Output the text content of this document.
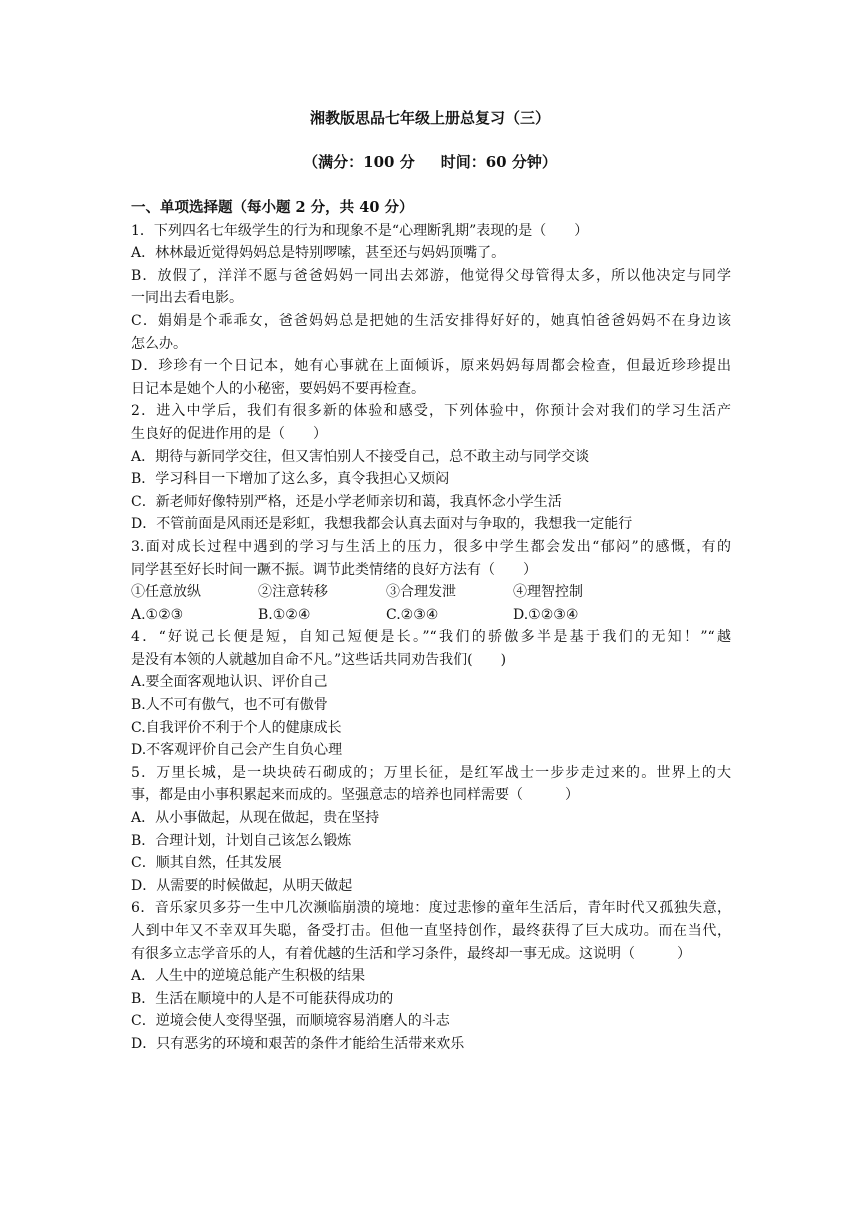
湘教版思品七年级上册总复习（三）
（满分：100 分 时间：60 分钟）
一、单项选择题（每小题 2 分，共 40 分）
1．下列四名七年级学生的行为和现象不是“心理断乳期”表现的是（　　）
A．林林最近觉得妈妈总是特别啰嗦，甚至还与妈妈顶嘴了。
B．放假了，洋洋不愿与爸爸妈妈一同出去郊游，他觉得父母管得太多，所以他决定与同学
一同出去看电影。
C．娟娟是个乖乖女，爸爸妈妈总是把她的生活安排得好好的，她真怕爸爸妈妈不在身边该
怎么办。
D．珍珍有一个日记本，她有心事就在上面倾诉，原来妈妈每周都会检查，但最近珍珍提出
日记本是她个人的小秘密，要妈妈不要再检查。
2．进入中学后，我们有很多新的体验和感受，下列体验中，你预计会对我们的学习生活产
生良好的促进作用的是（　　）
A．期待与新同学交往，但又害怕别人不接受自己，总不敢主动与同学交谈
B．学习科目一下增加了这么多，真令我担心又烦闷
C．新老师好像特别严格，还是小学老师亲切和蔼，我真怀念小学生活
D．不管前面是风雨还是彩虹，我想我都会认真去面对与争取的，我想我一定能行
3.面对成长过程中遇到的学习与生活上的压力，很多中学生都会发出“郁闷”的感慨，有的
同学甚至好长时间一蹶不振。调节此类情绪的良好方法有（　　）
①任意放纵	②注意转移	③合理发泄	④理智控制
A.①②③	B.①②④	C.②③④	D.①②③④
4．“好说己长便是短，自知己短便是长。”“我们的骄傲多半是基于我们的无知！”“越
是没有本领的人就越加自命不凡。”这些话共同劝告我们(　　)
A.要全面客观地认识、评价自己
B.人不可有傲气，也不可有傲骨
C.自我评价不利于个人的健康成长
D.不客观评价自己会产生自负心理
5．万里长城，是一块块砖石砌成的；万里长征，是红军战士一步步走过来的。世界上的大
事，都是由小事积累起来而成的。坚强意志的培养也同样需要（　　　）
A．从小事做起，从现在做起，贵在坚持
B．合理计划，计划自己该怎么锻炼
C．顺其自然，任其发展
D．从需要的时候做起，从明天做起
6．音乐家贝多芬一生中几次濒临崩溃的境地：度过悲惨的童年生活后，青年时代又孤独失意，
人到中年又不幸双耳失聪，备受打击。但他一直坚持创作，最终获得了巨大成功。而在当代，
有很多立志学音乐的人，有着优越的生活和学习条件，最终却一事无成。这说明（　　　）
A．人生中的逆境总能产生积极的结果
B．生活在顺境中的人是不可能获得成功的
C．逆境会使人变得坚强，而顺境容易消磨人的斗志
D．只有恶劣的环境和艰苦的条件才能给生活带来欢乐
